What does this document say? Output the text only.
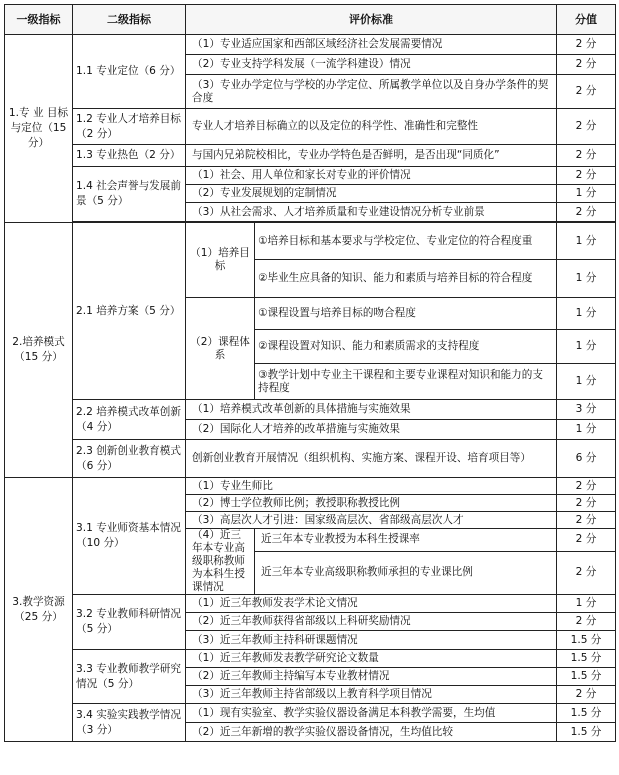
一级指标	二级指标	评价标准		分值
1.专 业 目标与定位（15 分）	1.1 专业定位（6 分）	（1）专业适应国家和西部区域经济社会发展需要情况		2 分
		（2）专业支持学科发展（一流学科建设）情况		2 分
		（3）专业办学定位与学校的办学定位、所属教学单位以及自身办学条件的契合度		2 分
	1.2 专业人才培养目标（2 分）	专业人才培养目标确立的以及定位的科学性、准确性和完整性		2 分
	1.3 专业热色（2 分）	与国内兄弟院校相比，专业办学特色是否鲜明，是否出现“同质化”		2 分
	1.4 社会声誉与发展前景（5 分）	（1）社会、用人单位和家长对专业的评价情况		2 分
		（2）专业发展规划的定制情况		1 分
		（3）从社会需求、人才培养质量和专业建设情况分析专业前景		2 分

2.培养模式（15 分）	2.1 培养方案（5 分）	（1）培养目标	①培养目标和基本要求与学校定位、专业定位的符合程度重	1 分
			②毕业生应具备的知识、能力和素质与培养目标的符合程度	1 分
		（2）课程体系	①课程设置与培养目标的吻合程度	1 分
			②课程设置对知识、能力和素质需求的支持程度	1 分
			③教学计划中专业主干课程和主要专业课程对知识和能力的支持程度	1 分
	2.2 培养模式改革创新（4 分）	（1）培养模式改革创新的具体措施与实施效果		3 分
		（2）国际化人才培养的改革措施与实施效果		1 分
	2.3 创新创业教育模式（6 分）	创新创业教育开展情况（组织机构、实施方案、课程开设、培育项目等）		6 分
3.教学资源（25 分）	3.1 专业师资基本情况（10 分）	（1）专业生师比		2 分
		（2）博士学位教师比例；教授职称教授比例		2 分
		（3）高层次人才引进：国家级高层次、省部级高层次人才		2 分
		（4）近三年本专业高级职称教师为本科生授课情况	近三年本专业教授为本科生授课率	2 分
			近三年本专业高级职称教师承担的专业课比例	2 分
	3.2 专业教师科研情况（5 分）	（1）近三年教师发表学术论文情况		1 分
		（2）近三年教师获得省部级以上科研奖励情况		2 分
		（3）近三年教师主持科研课题情况		1.5 分
	3.3 专业教师教学研究情况（5 分）	（1）近三年教师发表教学研究论文数量		1.5 分
		（2）近三年教师主持编写本专业教材情况		1.5 分
		（3）近三年教师主持省部级以上教育科学项目情况		2 分
	3.4 实验实践教学情况（3 分）	（1）现有实验室、教学实验仪器设备满足本科教学需要，生均值		1.5 分
		（2）近三年新增的教学实验仪器设备情况，生均值比较		1.5 分
